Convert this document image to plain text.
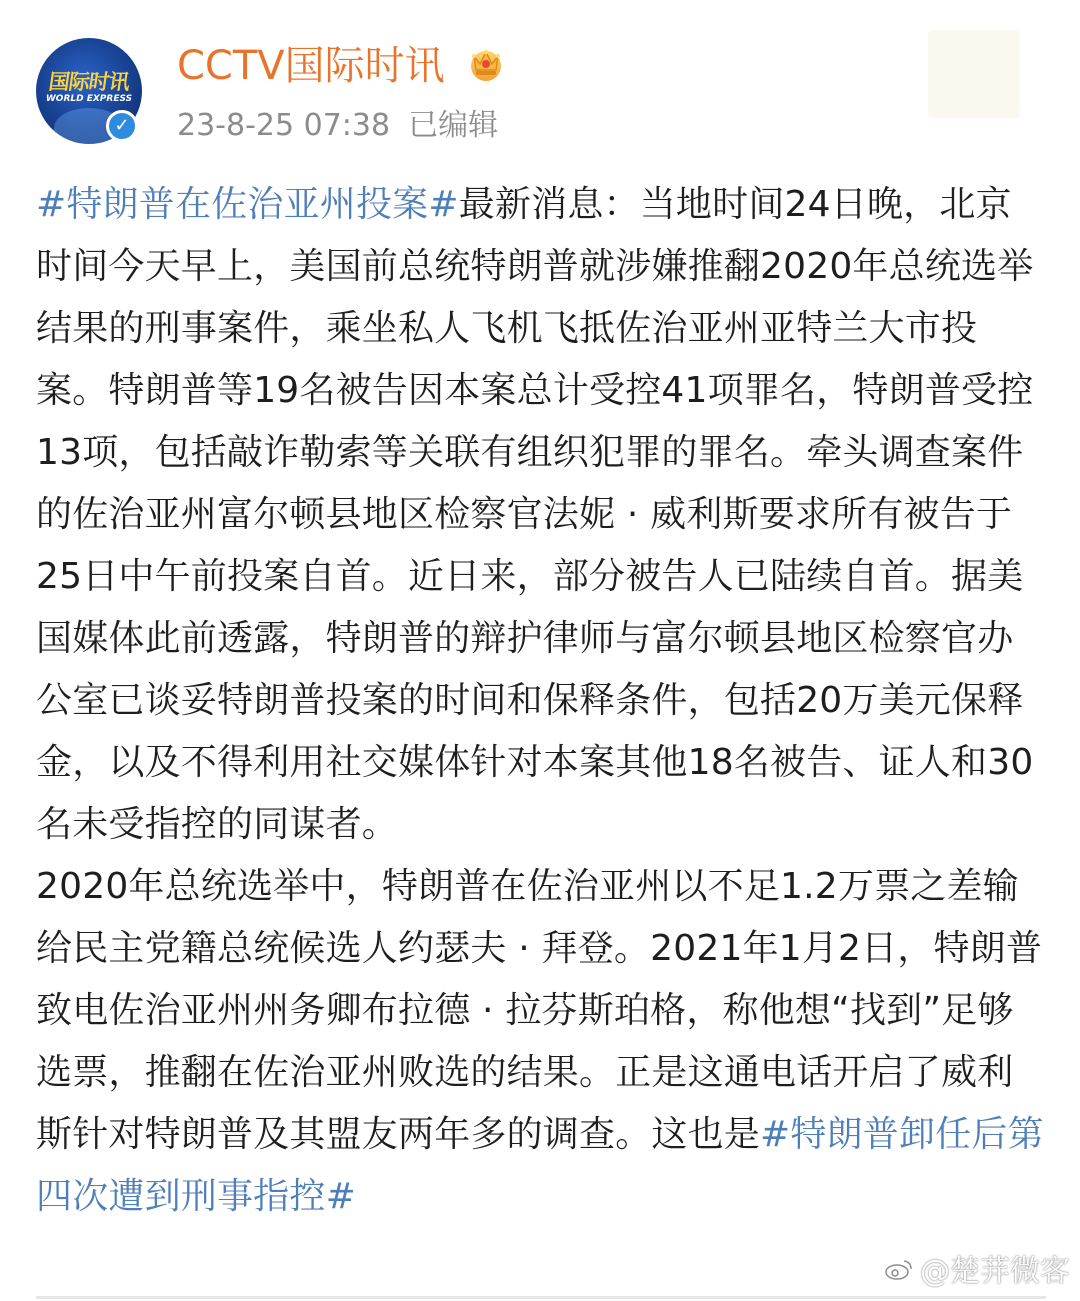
国际时讯
WORLD EXPRESS
✓
CCTV国际时讯
23-8-25 07:38 已编辑

#特朗普在佐治亚州投案#最新消息：当地时间24日晚，北京时间今天早上，美国前总统特朗普就涉嫌推翻2020年总统选举结果的刑事案件，乘坐私人飞机飞抵佐治亚州亚特兰大市投案。特朗普等19名被告因本案总计受控41项罪名，特朗普受控13项，包括敲诈勒索等关联有组织犯罪的罪名。牵头调查案件的佐治亚州富尔顿县地区检察官法妮 · 威利斯要求所有被告于25日中午前投案自首。近日来，部分被告人已陆续自首。据美国媒体此前透露，特朗普的辩护律师与富尔顿县地区检察官办公室已谈妥特朗普投案的时间和保释条件，包括20万美元保释金，以及不得利用社交媒体针对本案其他18名被告、证人和30名未受指控的同谋者。

2020年总统选举中，特朗普在佐治亚州以不足1.2万票之差输给民主党籍总统候选人约瑟夫 · 拜登。2021年1月2日，特朗普致电佐治亚州州务卿布拉德 · 拉芬斯珀格，称他想“找到”足够选票，推翻在佐治亚州败选的结果。正是这通电话开启了威利斯针对特朗普及其盟友两年多的调查。这也是#特朗普卸任后第四次遭到刑事指控#

@楚荓微客
